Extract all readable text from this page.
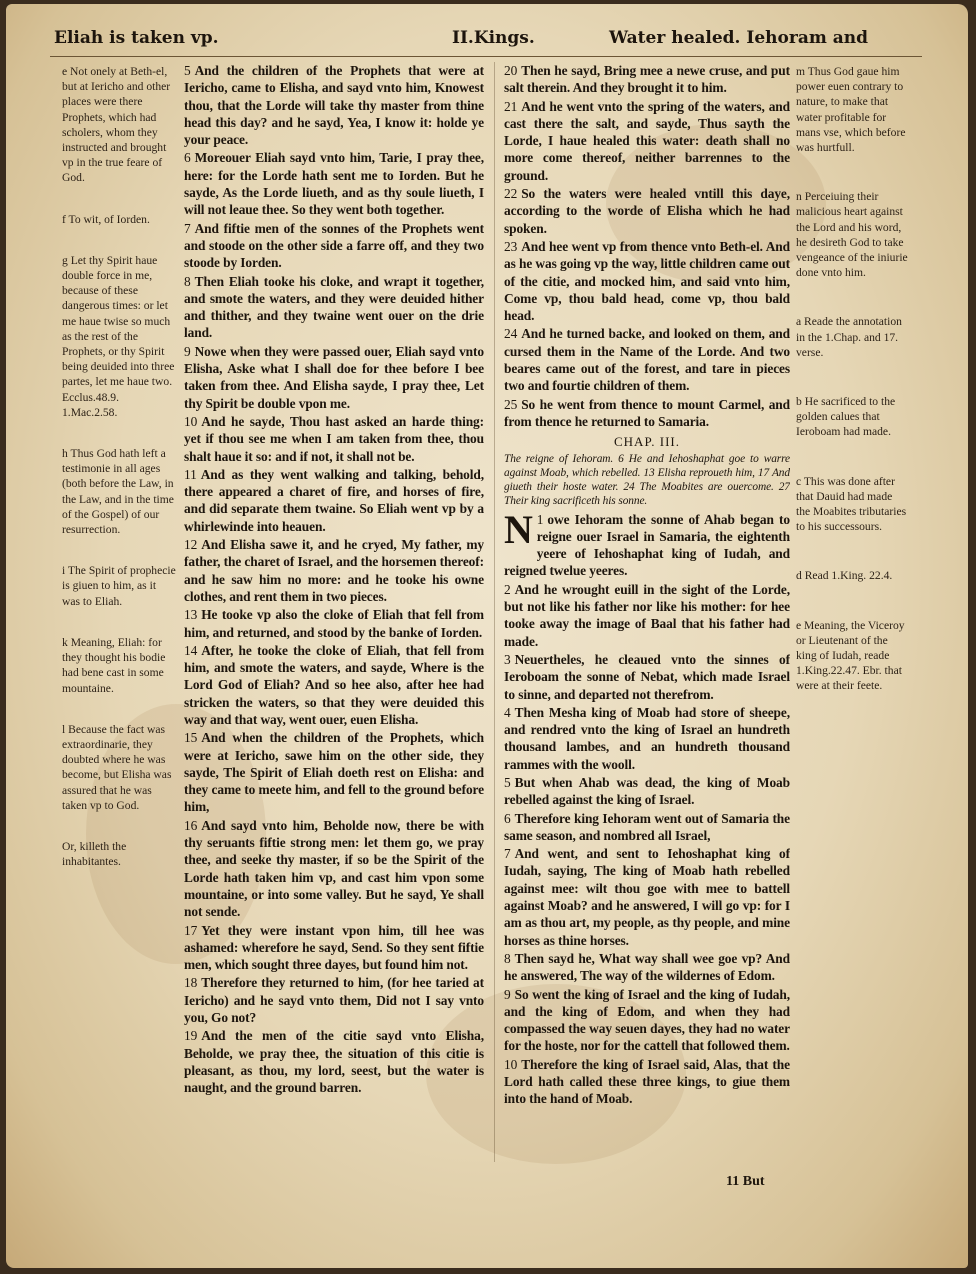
Eliah is taken vp.	II.Kings.	Water healed. Iehoram and

e Not onely at Beth-el, but at Iericho and other places were there Prophets, which had scholers, whom they instructed and brought vp in the true feare of God.

f To wit, of Iorden.

g Let thy Spirit haue double force in me, because of these dangerous times: or let me haue twise so much as the rest of the Prophets, or thy Spirit being deuided into three partes, let me haue two. Ecclus.48.9. 1.Mac.2.58.

h Thus God hath left a testimonie in all ages (both before the Law, in the Law, and in the time of the Gospel) of our resurrection.

i The Spirit of prophecie is giuen to him, as it was to Eliah.

k Meaning, Eliah: for they thought his bodie had bene cast in some mountaine.

l Because the fact was extraordinarie, they doubted where he was become, but Elisha was assured that he was taken vp to God.

Or, killeth the inhabitantes.

5 And the children of the Prophets that were at Iericho, came to Elisha, and sayd vnto him, Knowest thou, that the Lorde will take thy master from thine head this day? and he sayd, Yea, I know it: holde ye your peace.

6 Moreouer Eliah sayd vnto him, Tarie, I pray thee, here: for the Lorde hath sent me to Iorden. But he sayde, As the Lorde liueth, and as thy soule liueth, I will not leaue thee. So they went both together.

7 And fiftie men of the sonnes of the Prophets went and stoode on the other side a farre off, and they two stoode by Iorden.

8 Then Eliah tooke his cloke, and wrapt it together, and smote the waters, and they were deuided hither and thither, and they twaine went ouer on the drie land.

9 Nowe when they were passed ouer, Eliah sayd vnto Elisha, Aske what I shall doe for thee before I bee taken from thee. And Elisha sayde, I pray thee, Let thy Spirit be double vpon me.

10 And he sayde, Thou hast asked an harde thing: yet if thou see me when I am taken from thee, thou shalt haue it so: and if not, it shall not be.

11 And as they went walking and talking, behold, there appeared a charet of fire, and horses of fire, and did separate them twaine. So Eliah went vp by a whirlewinde into heauen.

12 And Elisha sawe it, and he cryed, My father, my father, the charet of Israel, and the horsemen thereof: and he saw him no more: and he tooke his owne clothes, and rent them in two pieces.

13 He tooke vp also the cloke of Eliah that fell from him, and returned, and stood by the banke of Iorden.

14 After, he tooke the cloke of Eliah, that fell from him, and smote the waters, and sayde, Where is the Lord God of Eliah? And so hee also, after hee had stricken the waters, so that they were deuided this way and that way, went ouer, euen Elisha.

15 And when the children of the Prophets, which were at Iericho, sawe him on the other side, they sayde, The Spirit of Eliah doeth rest on Elisha: and they came to meete him, and fell to the ground before him,

16 And sayd vnto him, Beholde now, there be with thy seruants fiftie strong men: let them go, we pray thee, and seeke thy master, if so be the Spirit of the Lorde hath taken him vp, and cast him vpon some mountaine, or into some valley. But he sayd, Ye shall not sende.

17 Yet they were instant vpon him, till hee was ashamed: wherefore he sayd, Send. So they sent fiftie men, which sought three dayes, but found him not.

18 Therefore they returned to him, (for hee taried at Iericho) and he sayd vnto them, Did not I say vnto you, Go not?

19 And the men of the citie sayd vnto Elisha, Beholde, we pray thee, the situation of this citie is pleasant, as thou, my lord, seest, but the water is naught, and the ground barren.

20 Then he sayd, Bring mee a newe cruse, and put salt therein. And they brought it to him.

21 And he went vnto the spring of the waters, and cast there the salt, and sayde, Thus sayth the Lorde, I haue healed this water: death shall no more come thereof, neither barrennes to the ground.

22 So the waters were healed vntill this daye, according to the worde of Elisha which he had spoken.

23 And hee went vp from thence vnto Beth-el. And as he was going vp the way, little children came out of the citie, and mocked him, and said vnto him, Come vp, thou bald head, come vp, thou bald head.

24 And he turned backe, and looked on them, and cursed them in the Name of the Lorde. And two beares came out of the forest, and tare in pieces two and fourtie children of them.

25 So he went from thence to mount Carmel, and from thence he returned to Samaria.

CHAP. III.

The reigne of Iehoram. 6 He and Iehoshaphat goe to warre against Moab, which rebelled. 13 Elisha reproueth him, 17 And giueth their hoste water. 24 The Moabites are ouercome. 27 Their king sacrificeth his sonne.

1
N owe Iehoram the sonne of Ahab began to reigne ouer Israel in Samaria, the eightenth yeere of Iehoshaphat king of Iudah, and reigned twelue yeeres.

2 And he wrought euill in the sight of the Lorde, but not like his father nor like his mother: for hee tooke away the image of Baal that his father had made.

3 Neuertheles, he cleaued vnto the sinnes of Ieroboam the sonne of Nebat, which made Israel to sinne, and departed not therefrom.

4 Then Mesha king of Moab had store of sheepe, and rendred vnto the king of Israel an hundreth thousand lambes, and an hundreth thousand rammes with the wooll.

5 But when Ahab was dead, the king of Moab rebelled against the king of Israel.

6 Therefore king Iehoram went out of Samaria the same season, and nombred all Israel,

7 And went, and sent to Iehoshaphat king of Iudah, saying, The king of Moab hath rebelled against mee: wilt thou goe with mee to battell against Moab? and he answered, I will go vp: for I am as thou art, my people, as thy people, and mine horses as thine horses.

8 Then sayd he, What way shall wee goe vp? And he answered, The way of the wildernes of Edom.

9 So went the king of Israel and the king of Iudah, and the king of Edom, and when they had compassed the way seuen dayes, they had no water for the hoste, nor for the cattell that followed them.

10 Therefore the king of Israel said, Alas, that the Lord hath called these three kings, to giue them into the hand of Moab.

m Thus God gaue him power euen contrary to nature, to make that water profitable for mans vse, which before was hurtfull.

n Perceiuing their malicious heart against the Lord and his word, he desireth God to take vengeance of the iniurie done vnto him.

a Reade the annotation in the 1.Chap. and 17. verse.

b He sacrificed to the golden calues that Ieroboam had made.

c This was done after that Dauid had made the Moabites tributaries to his successours.

d Read 1.King. 22.4.

e Meaning, the Viceroy or Lieutenant of the king of Iudah, reade 1.King.22.47. Ebr. that were at their feete.

11 But
